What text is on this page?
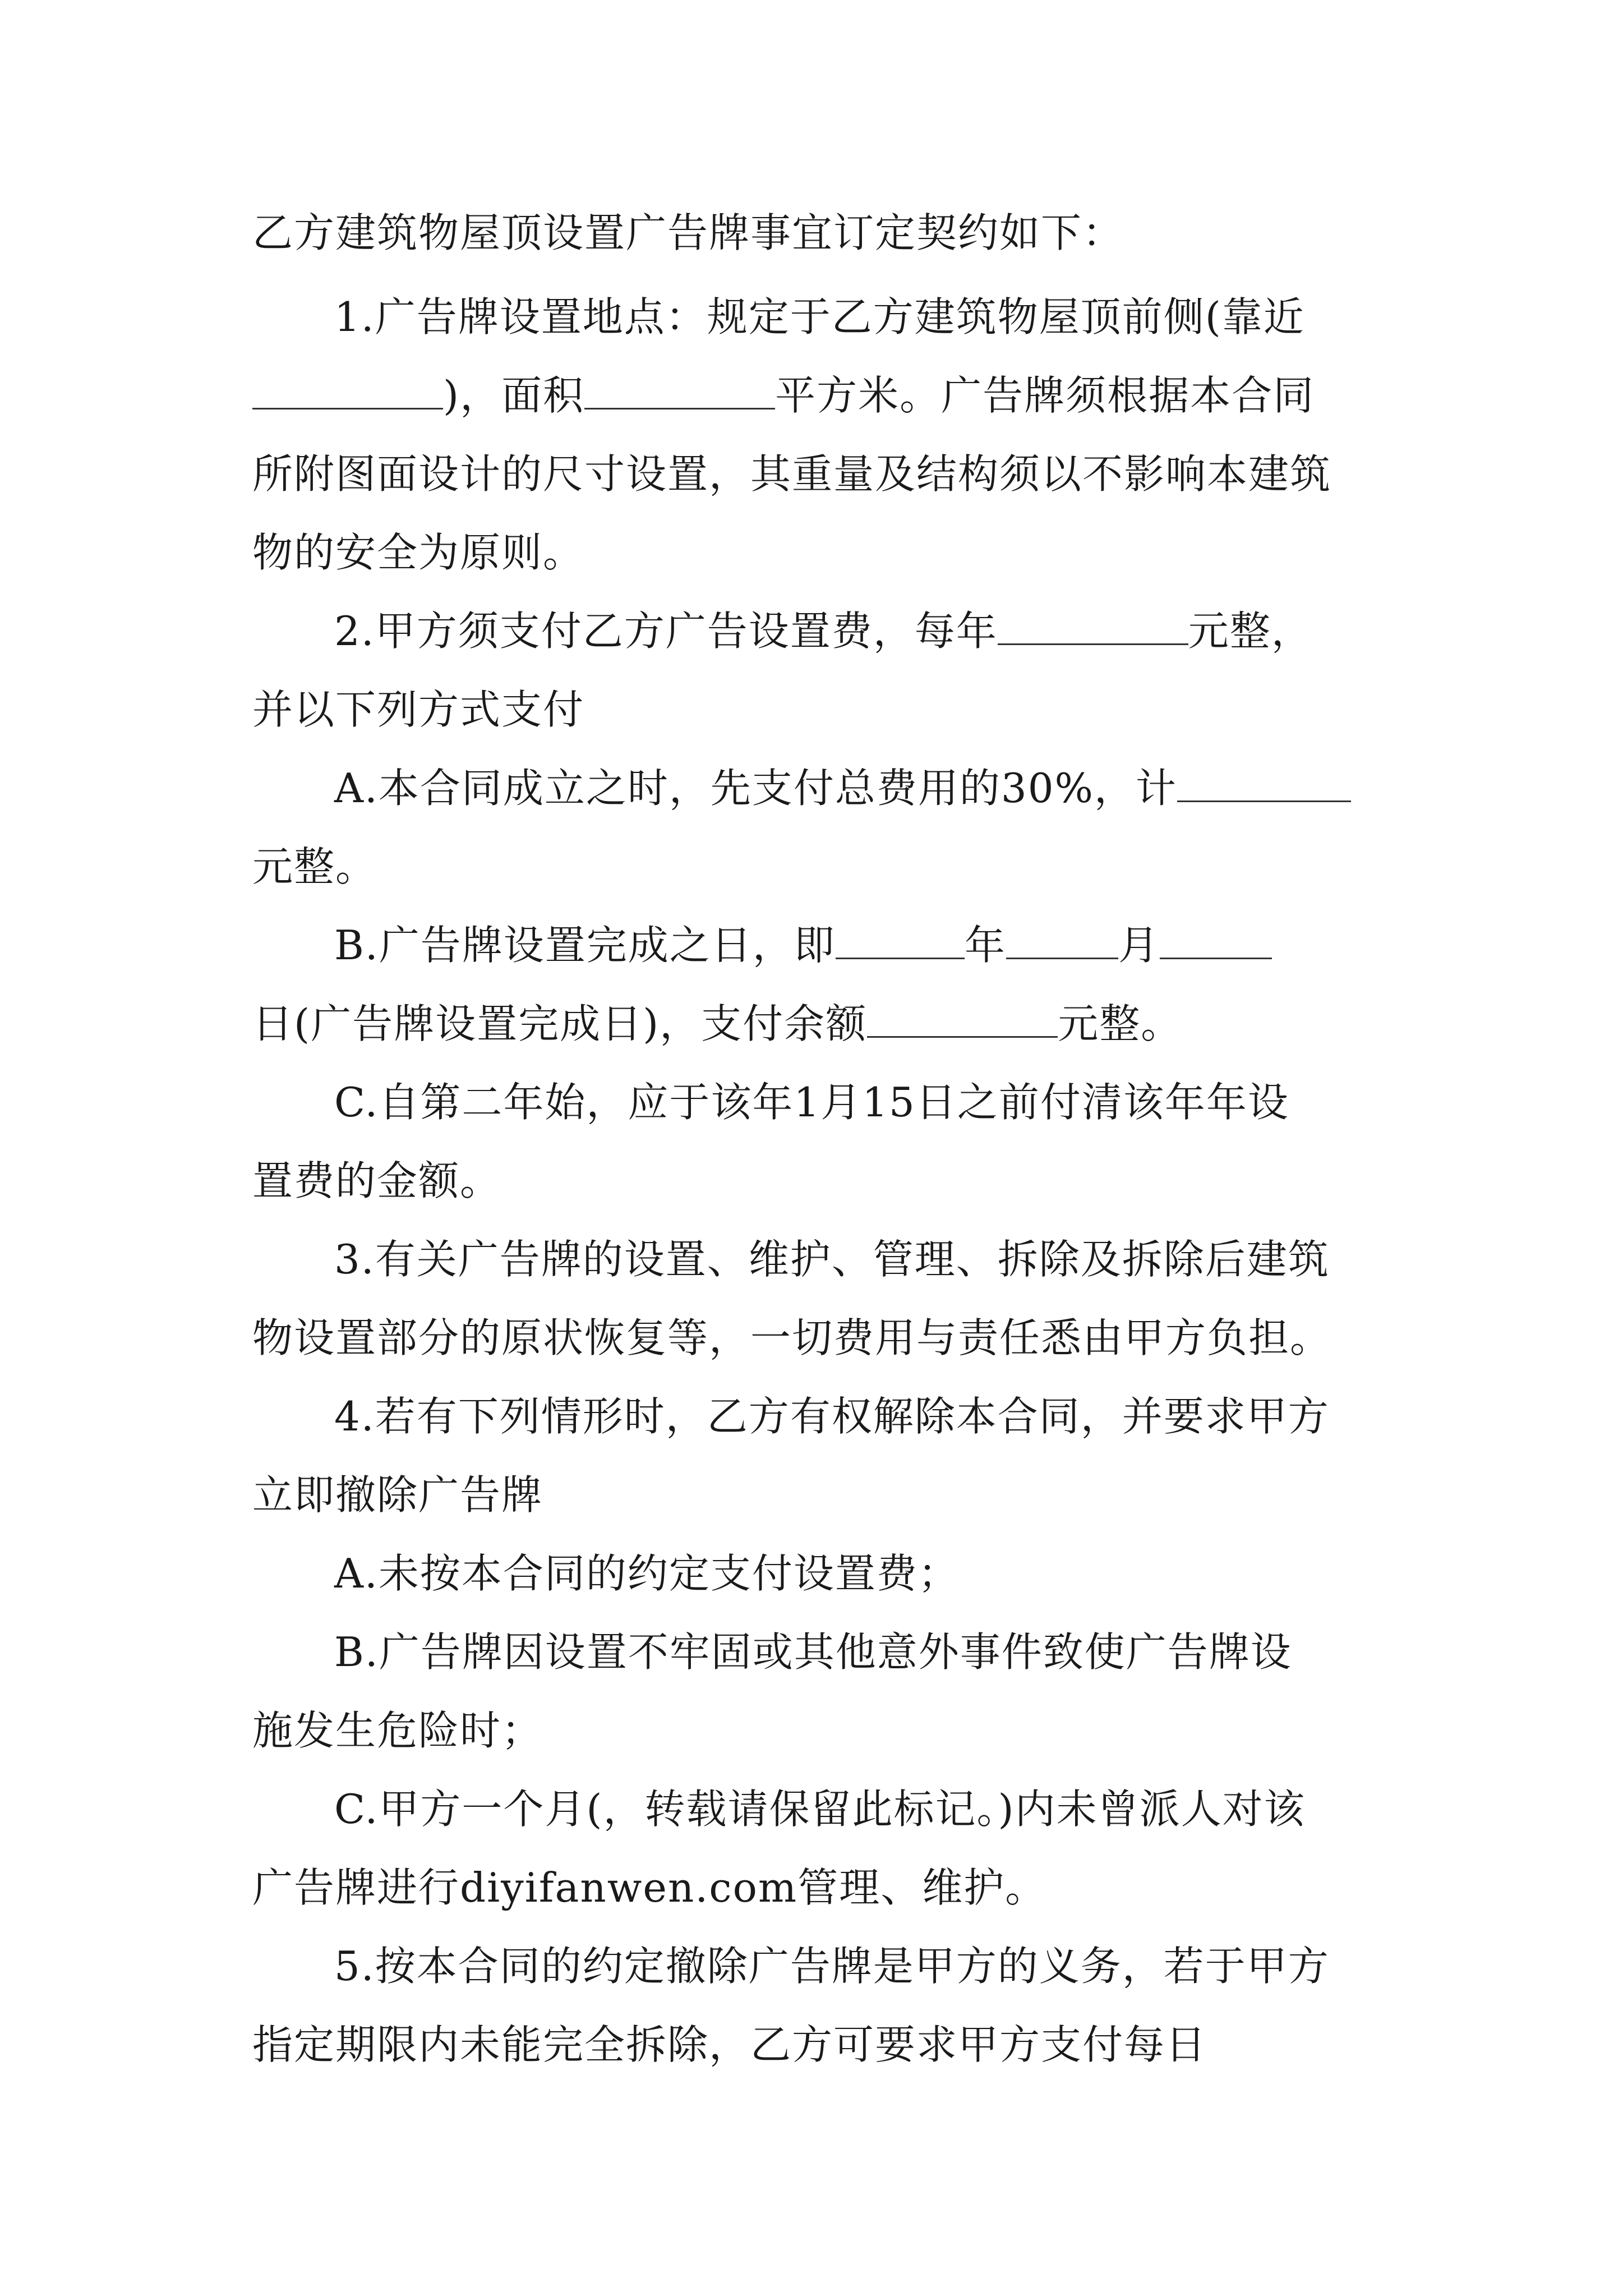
乙方建筑物屋顶设置广告牌事宜订定契约如下：
1.广告牌设置地点：规定于乙方建筑物屋顶前侧(靠近
)，面积	平方米。广告牌须根据本合同
所附图面设计的尺寸设置，其重量及结构须以不影响本建筑
物的安全为原则。
2.甲方须支付乙方广告设置费，每年	元整，
并以下列方式支付
A.本合同成立之时，先支付总费用的30%，计
元整。
B.广告牌设置完成之日，即	年	月
日(广告牌设置完成日)，支付余额	元整。
C.自第二年始，应于该年1月15日之前付清该年年设
置费的金额。
3.有关广告牌的设置、维护、管理、拆除及拆除后建筑
物设置部分的原状恢复等，一切费用与责任悉由甲方负担。
4.若有下列情形时，乙方有权解除本合同，并要求甲方
立即撤除广告牌
A.未按本合同的约定支付设置费；
B.广告牌因设置不牢固或其他意外事件致使广告牌设
施发生危险时；
C.甲方一个月(，转载请保留此标记。)内未曾派人对该
广告牌进行diyifanwen.com管理、维护。
5.按本合同的约定撤除广告牌是甲方的义务，若于甲方
指定期限内未能完全拆除，乙方可要求甲方支付每日
